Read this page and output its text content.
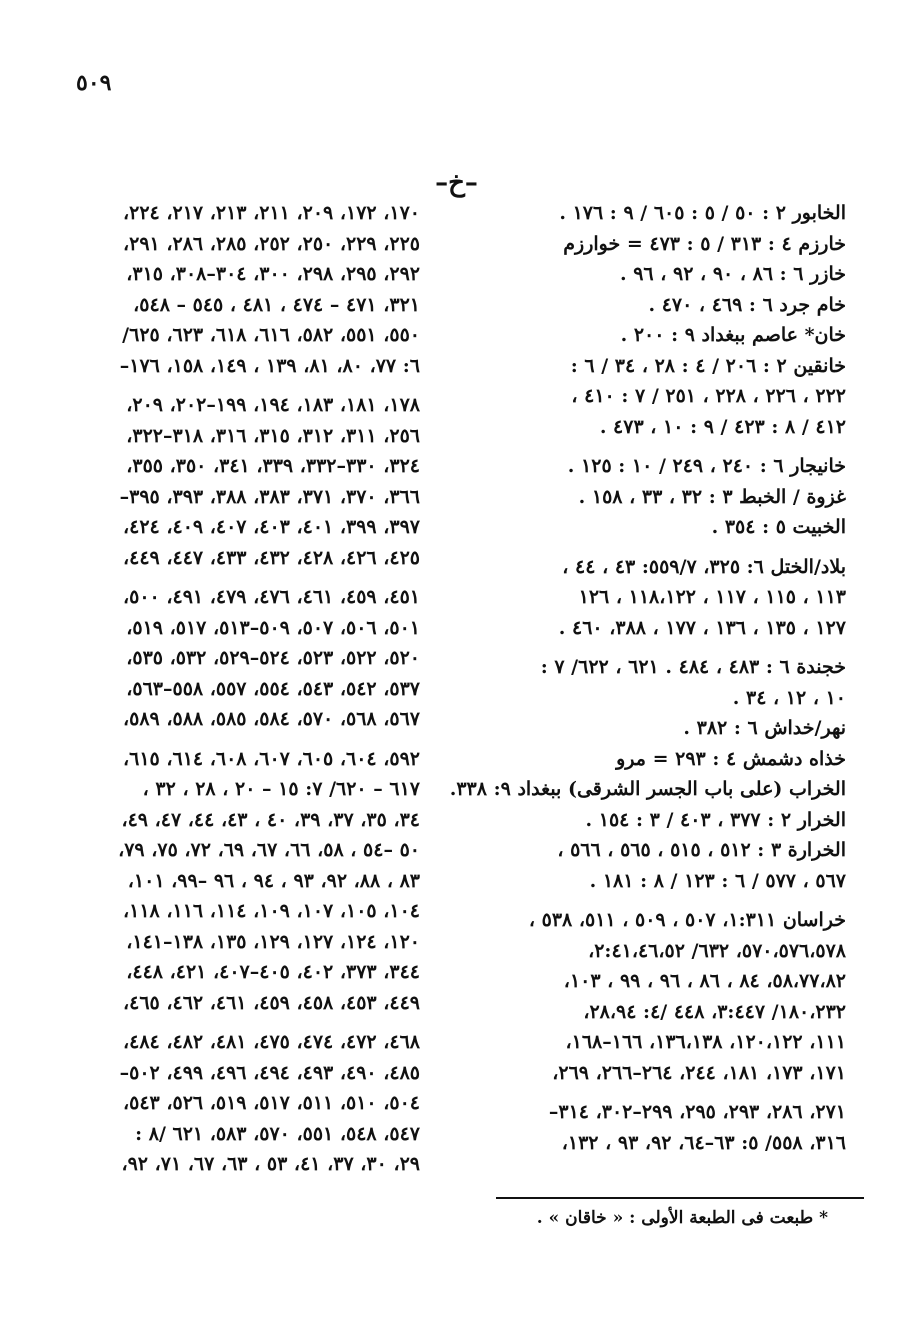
٥٠٩
–خ–
الخابور ٢ : ٥٠ / ٥ : ٦٠٥ / ٩ : ١٧٦ .
خارزم ٤ : ٣١٣ / ٥ : ٤٧٣ = خوارزم
خازر ٦ : ٨٦ ، ٩٠ ، ٩٢ ، ٩٦ .
خام جرد ٦ : ٤٦٩ ، ٤٧٠ .
خان* عاصم ببغداد ٩ : ٢٠٠ .
خانقين ٢ : ٢٠٦ / ٤ : ٢٨ ، ٣٤ / ٦ :
٢٢٢ ، ٢٢٦ ، ٢٢٨ ، ٢٥١ / ٧ : ٤١٠ ،
٤١٢ / ٨ : ٤٢٣ / ٩ : ١٠ ، ٤٧٣ .
خانيجار ٦ : ٢٤٠ ، ٢٤٩ / ١٠ : ١٢٥ .
غزوة / الخبط ٣ : ٣٢ ، ٣٣ ، ١٥٨ .
الخبيت ٥ : ٣٥٤ .
بلاد/الختل ٦: ٣٢٥، ٥٥٩/٧: ٤٣ ، ٤٤ ،
١١٣ ، ١١٥ ، ١١٧ ، ١١٨،١٢٢ ، ١٢٦
١٢٧ ، ١٣٥ ، ١٣٦ ، ١٧٧ ، ٣٨٨، ٤٦٠ .
خجندة ٦ : ٤٨٣ ، ٤٨٤ . ٦٢١ ، ٦٢٢/ ٧ :
١٠ ، ١٢ ، ٣٤ .
نهر/خداش ٦ : ٣٨٢ .
خذاه دشمش ٤ : ٢٩٣ = مرو
الخراب (على باب الجسر الشرقى) ببغداد ٩: ٣٣٨.
الخرار ٢ : ٣٧٧ ، ٤٠٣ / ٣ : ١٥٤ .
الخرارة ٣ : ٥١٢ ، ٥١٥ ، ٥٦٥ ، ٥٦٦ ،
٥٦٧ ، ٥٧٧ / ٦ : ١٢٣ / ٨ : ١٨١ .
خراسان ١:٣١١، ٥٠٧ ، ٥٠٩ ، ٥١١، ٥٣٨ ،
٥٧٠،٥٧٦،٥٧٨، ٦٣٢/ ٢:٤١،٤٦،٥٢،
٥٨،٧٧،٨٢، ٨٤ ، ٨٦ ، ٩٦ ، ٩٩ ، ١٠٣،
١٨٠،٢٣٢/ ٣:٤٤٧، ٤٤٨ /٤: ٢٨،٩٤،
١١١، ١٢٠،١٢٢، ١٣٦،١٣٨، ١٦٦–١٦٨،
١٧١، ١٧٣، ١٨١، ٢٤٤، ٢٦٤–٢٦٦، ٢٦٩،
٢٧١، ٢٨٦، ٢٩٣، ٢٩٥، ٢٩٩–٣٠٢، ٣١٤–
٣١٦، ٥٥٨/ ٥: ٦٣–٦٤، ٩٢، ٩٣ ، ١٣٢،
١٧٠، ١٧٢، ٢٠٩، ٢١١، ٢١٣، ٢١٧، ٢٢٤،
٢٢٥، ٢٢٩، ٢٥٠، ٢٥٢، ٢٨٥، ٢٨٦، ٢٩١،
٢٩٢، ٢٩٥، ٢٩٨، ٣٠٠، ٣٠٤–٣٠٨، ٣١٥،
٣٢١، ٤٧١ – ٤٧٤ ، ٤٨١ ، ٥٤٥ – ٥٤٨،
٥٥٠، ٥٥١، ٥٨٢، ٦١٦، ٦١٨، ٦٢٣، ٦٢٥/
٦: ٧٧، ٨٠، ٨١، ١٣٩ ، ١٤٩، ١٥٨، ١٧٦–
١٧٨، ١٨١، ١٨٣، ١٩٤، ١٩٩–٢٠٢، ٢٠٩،
٢٥٦، ٣١١، ٣١٢، ٣١٥، ٣١٦، ٣١٨–٣٢٢،
٣٢٤، ٣٣٠–٣٣٢، ٣٣٩، ٣٤١، ٣٥٠، ٣٥٥،
٣٦٦، ٣٧٠، ٣٧١، ٣٨٣، ٣٨٨، ٣٩٣، ٣٩٥–
٣٩٧، ٣٩٩، ٤٠١، ٤٠٣، ٤٠٧، ٤٠٩، ٤٢٤،
٤٢٥، ٤٢٦، ٤٢٨، ٤٣٢، ٤٣٣، ٤٤٧، ٤٤٩،
٤٥١، ٤٥٩، ٤٦١، ٤٧٦، ٤٧٩، ٤٩١، ٥٠٠،
٥٠١، ٥٠٦، ٥٠٧، ٥٠٩–٥١٣، ٥١٧، ٥١٩،
٥٢٠، ٥٢٢، ٥٢٣، ٥٢٤–٥٢٩، ٥٣٢، ٥٣٥،
٥٣٧، ٥٤٢، ٥٤٣، ٥٥٤، ٥٥٧، ٥٥٨–٥٦٣،
٥٦٧، ٥٦٨، ٥٧٠، ٥٨٤، ٥٨٥، ٥٨٨، ٥٨٩،
٥٩٢، ٦٠٤، ٦٠٥، ٦٠٧، ٦٠٨، ٦١٤، ٦١٥،
٦١٧ – ٦٢٠/ ٧: ١٥ – ٢٠ ، ٢٨ ، ٣٢ ،
٣٤، ٣٥، ٣٧، ٣٩، ٤٠ ، ٤٣، ٤٤، ٤٧، ٤٩،
٥٠ –٥٤ ، ٥٨، ٦٦، ٦٧، ٦٩، ٧٢، ٧٥، ٧٩،
٨٣ ، ٨٨، ٩٢، ٩٣ ، ٩٤ ، ٩٦ –٩٩، ١٠١،
١٠٤، ١٠٥، ١٠٧، ١٠٩، ١١٤، ١١٦، ١١٨،
١٢٠، ١٢٤، ١٢٧، ١٢٩، ١٣٥، ١٣٨–١٤١،
٣٤٤، ٣٧٣، ٤٠٢، ٤٠٥–٤٠٧، ٤٢١، ٤٤٨،
٤٤٩، ٤٥٣، ٤٥٨، ٤٥٩، ٤٦١، ٤٦٢، ٤٦٥،
٤٦٨، ٤٧٢، ٤٧٤، ٤٧٥، ٤٨١، ٤٨٢، ٤٨٤،
٤٨٥، ٤٩٠، ٤٩٣، ٤٩٤، ٤٩٦، ٤٩٩، ٥٠٢–
٥٠٤، ٥١٠، ٥١١، ٥١٧، ٥١٩، ٥٢٦، ٥٤٣،
٥٤٧، ٥٤٨، ٥٥١، ٥٧٠، ٥٨٣، ٦٢١ /٨ :
٢٩، ٣٠، ٣٧، ٤١، ٥٣ ، ٦٣، ٦٧، ٧١، ٩٢،
* طبعت فى الطبعة الأولى : « خاقان » .
